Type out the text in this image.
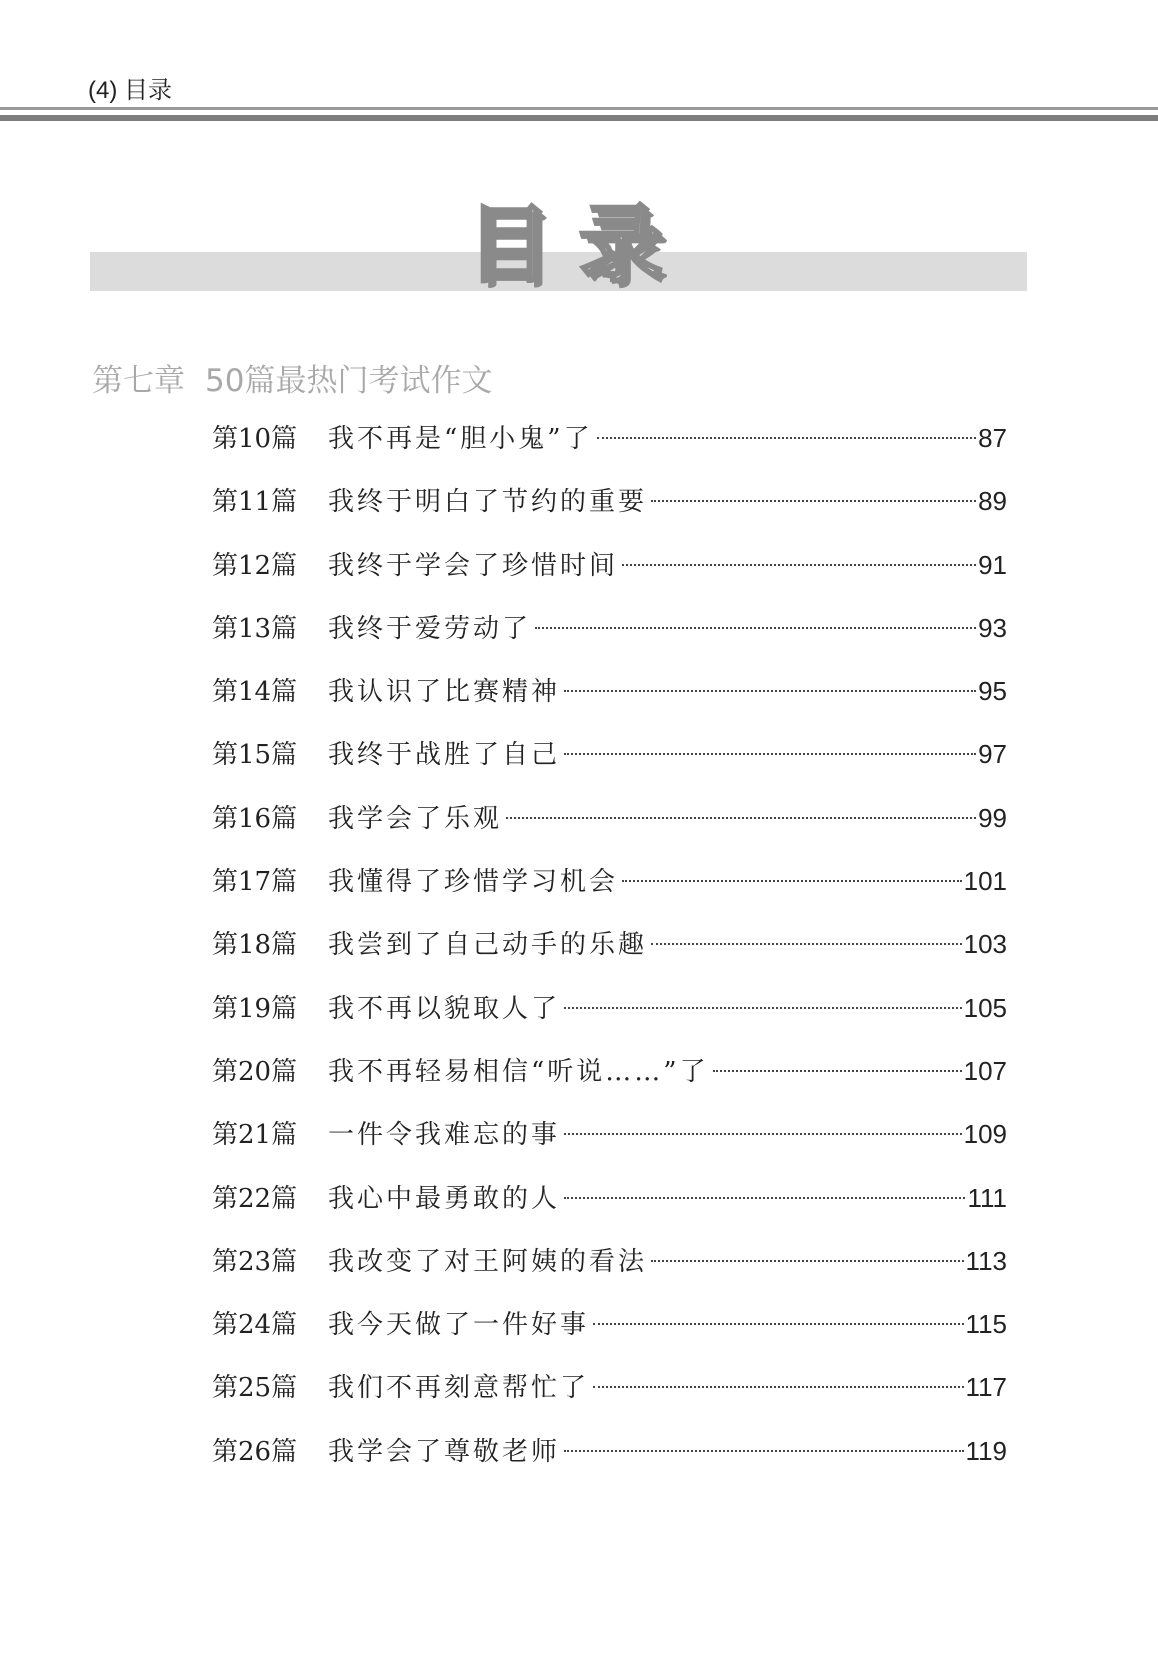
(4) 目录
目录
第七章 50篇最热门考试作文
第10篇	我不再是“胆小鬼”了	87
第11篇	我终于明白了节约的重要	89
第12篇	我终于学会了珍惜时间	91
第13篇	我终于爱劳动了	93
第14篇	我认识了比赛精神	95
第15篇	我终于战胜了自己	97
第16篇	我学会了乐观	99
第17篇	我懂得了珍惜学习机会	101
第18篇	我尝到了自己动手的乐趣	103
第19篇	我不再以貌取人了	105
第20篇	我不再轻易相信“听说……”了	107
第21篇	一件令我难忘的事	109
第22篇	我心中最勇敢的人	111
第23篇	我改变了对王阿姨的看法	113
第24篇	我今天做了一件好事	115
第25篇	我们不再刻意帮忙了	117
第26篇	我学会了尊敬老师	119
